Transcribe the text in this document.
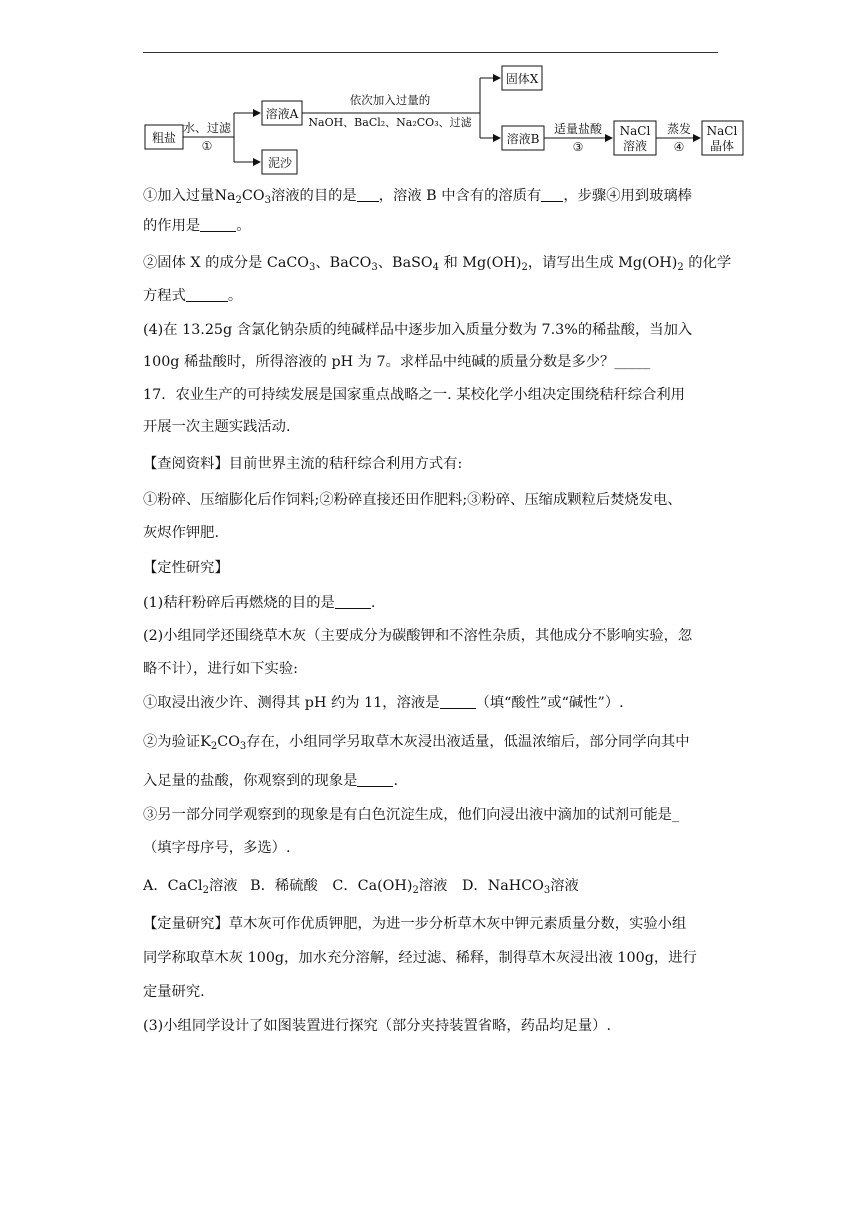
粗盐
水、过滤
①
溶液A
泥沙
依次加入过量的
NaOH、BaCl₂、Na₂CO₃、过滤
固体X
溶液B
适量盐酸
③
NaCl
溶液
蒸发
④
NaCl
晶体
①加入过量$Na_2CO_3$溶液的目的是 ，溶液 B 中含有的溶质有 ，步骤④用到玻璃棒
的作用是	。
②固体 X 的成分是 CaCO$_3$、BaCO$_3$、BaSO$_4$ 和 $Mg(OH)_2$，请写出生成 $Mg(OH)_2$ 的化学
方程式	。
(4)在 13.25g 含氯化钠杂质的纯碱样品中逐步加入质量分数为 7.3%的稀盐酸，当加入
100g 稀盐酸时，所得溶液的 pH 为 7。求样品中纯碱的质量分数是多少？_____
17．农业生产的可持续发展是国家重点战略之一. 某校化学小组决定围绕秸秆综合利用
开展一次主题实践活动.
【查阅资料】目前世界主流的秸秆综合利用方式有:
①粉碎、压缩膨化后作饲料;②粉碎直接还田作肥料;③粉碎、压缩成颗粒后焚烧发电、
灰烬作钾肥.
【定性研究】
(1)秸秆粉碎后再燃烧的目的是	.
(2)小组同学还围绕草木灰（主要成分为碳酸钾和不溶性杂质，其他成分不影响实验，忽
略不计），进行如下实验:
①取浸出液少许、测得其 pH 约为 11，溶液是	（填“酸性”或“碱性”）.
②为验证$K_2CO_3$存在，小组同学另取草木灰浸出液适量，低温浓缩后，部分同学向其中
入足量的盐酸，你观察到的现象是	.
③另一部分同学观察到的现象是有白色沉淀生成，他们向浸出液中滴加的试剂可能是_
（填字母序号，多选）.
A．CaCl$_2$溶液 B．稀硫酸 C．$Ca(OH)_2$溶液 D．NaHCO$_3$溶液
【定量研究】草木灰可作优质钾肥，为进一步分析草木灰中钾元素质量分数，实验小组
同学称取草木灰 100g，加水充分溶解，经过滤、稀释，制得草木灰浸出液 100g，进行
定量研究.
(3)小组同学设计了如图装置进行探究（部分夹持装置省略，药品均足量）.
